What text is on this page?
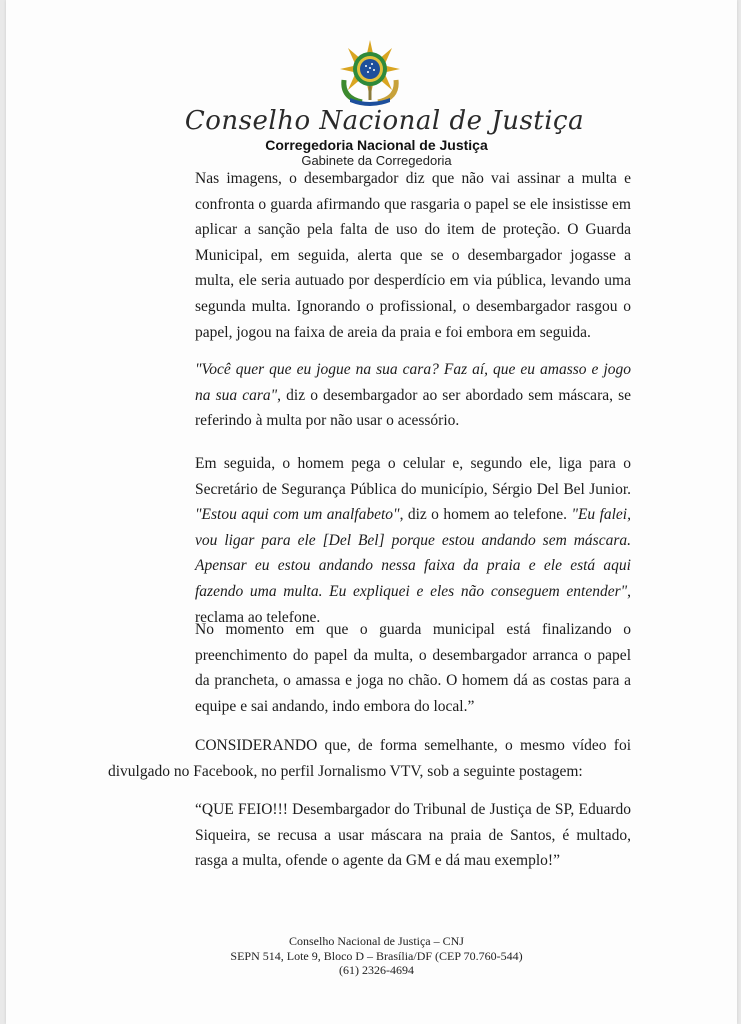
Conselho Nacional de Justiça
Corregedoria Nacional de Justiça
Gabinete da Corregedoria
Nas imagens, o desembargador diz que não vai assinar a multa e confronta o guarda afirmando que rasgaria o papel se ele insistisse em aplicar a sanção pela falta de uso do item de proteção. O Guarda Municipal, em seguida, alerta que se o desembargador jogasse a multa, ele seria autuado por desperdício em via pública, levando uma segunda multa. Ignorando o profissional, o desembargador rasgou o papel, jogou na faixa de areia da praia e foi embora em seguida.
"Você quer que eu jogue na sua cara? Faz aí, que eu amasso e jogo na sua cara", diz o desembargador ao ser abordado sem máscara, se referindo à multa por não usar o acessório.
Em seguida, o homem pega o celular e, segundo ele, liga para o Secretário de Segurança Pública do município, Sérgio Del Bel Junior. "Estou aqui com um analfabeto", diz o homem ao telefone. "Eu falei, vou ligar para ele [Del Bel] porque estou andando sem máscara. Apensar eu estou andando nessa faixa da praia e ele está aqui fazendo uma multa. Eu expliquei e eles não conseguem entender", reclama ao telefone.
No momento em que o guarda municipal está finalizando o preenchimento do papel da multa, o desembargador arranca o papel da prancheta, o amassa e joga no chão. O homem dá as costas para a equipe e sai andando, indo embora do local.”
CONSIDERANDO que, de forma semelhante, o mesmo vídeo foi divulgado no Facebook, no perfil Jornalismo VTV, sob a seguinte postagem:
“QUE FEIO!!! Desembargador do Tribunal de Justiça de SP, Eduardo Siqueira, se recusa a usar máscara na praia de Santos, é multado, rasga a multa, ofende o agente da GM e dá mau exemplo!”
Conselho Nacional de Justiça – CNJ
SEPN 514, Lote 9, Bloco D – Brasília/DF (CEP 70.760-544)
(61) 2326-4694
